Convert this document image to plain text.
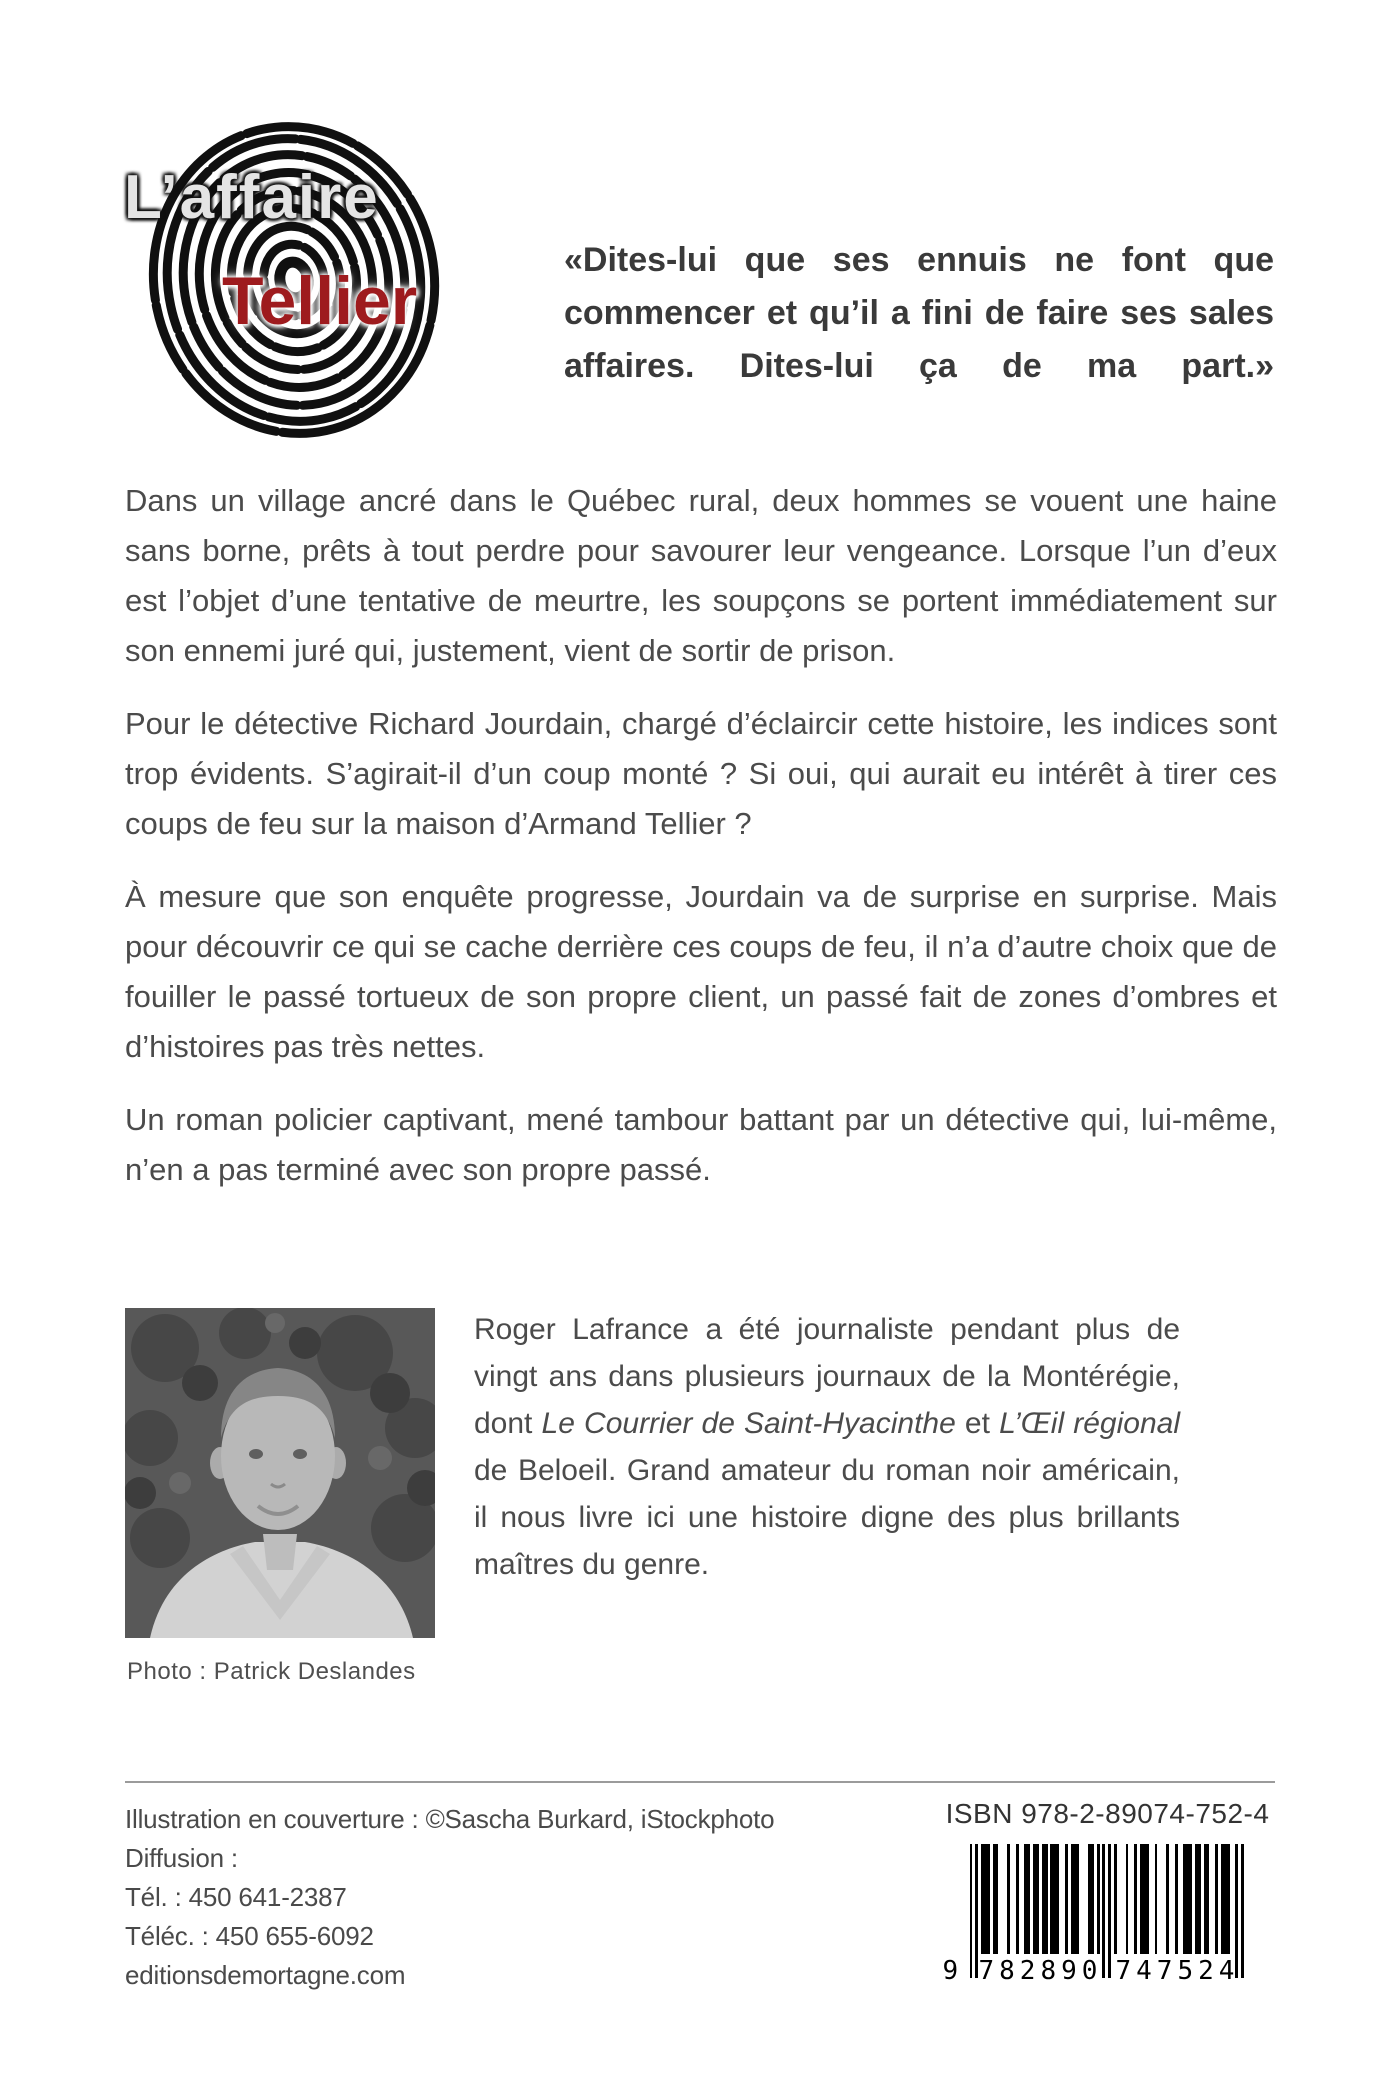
L’affaire
Tellier
«Dites-lui que ses ennuis ne font que commencer et qu’il a fini de faire ses sales affaires. Dites-lui ça de ma part.»

Dans un village ancré dans le Québec rural, deux hommes se vouent une haine sans borne, prêts à tout perdre pour savourer leur vengeance. Lorsque l’un d’eux est l’objet d’une tentative de meurtre, les soupçons se portent immédiatement sur son ennemi juré qui, justement, vient de sortir de prison.

Pour le détective Richard Jourdain, chargé d’éclaircir cette histoire, les indices sont trop évidents. S’agirait-il d’un coup monté ? Si oui, qui aurait eu intérêt à tirer ces coups de feu sur la maison d’Armand Tellier ?

À mesure que son enquête progresse, Jourdain va de surprise en surprise. Mais pour découvrir ce qui se cache derrière ces coups de feu, il n’a d’autre choix que de fouiller le passé tortueux de son propre client, un passé fait de zones d’ombres et d’histoires pas très nettes.

Un roman policier captivant, mené tambour battant par un détective qui, lui-même, n’en a pas terminé avec son propre passé.

Roger Lafrance a été journaliste pendant plus de vingt ans dans plusieurs journaux de la Montérégie, dont Le Courrier de Saint-Hyacinthe et L’Œil régional de Beloeil. Grand amateur du roman noir américain, il nous livre ici une histoire digne des plus brillants maîtres du genre.
Photo : Patrick Deslandes
Illustration en couverture : ©Sascha Burkard, iStockphoto
Diffusion :
Tél. : 450 641-2387
Téléc. : 450 655-6092
editionsdemortagne.com
ISBN 978-2-89074-752-4
9 782890 747524
